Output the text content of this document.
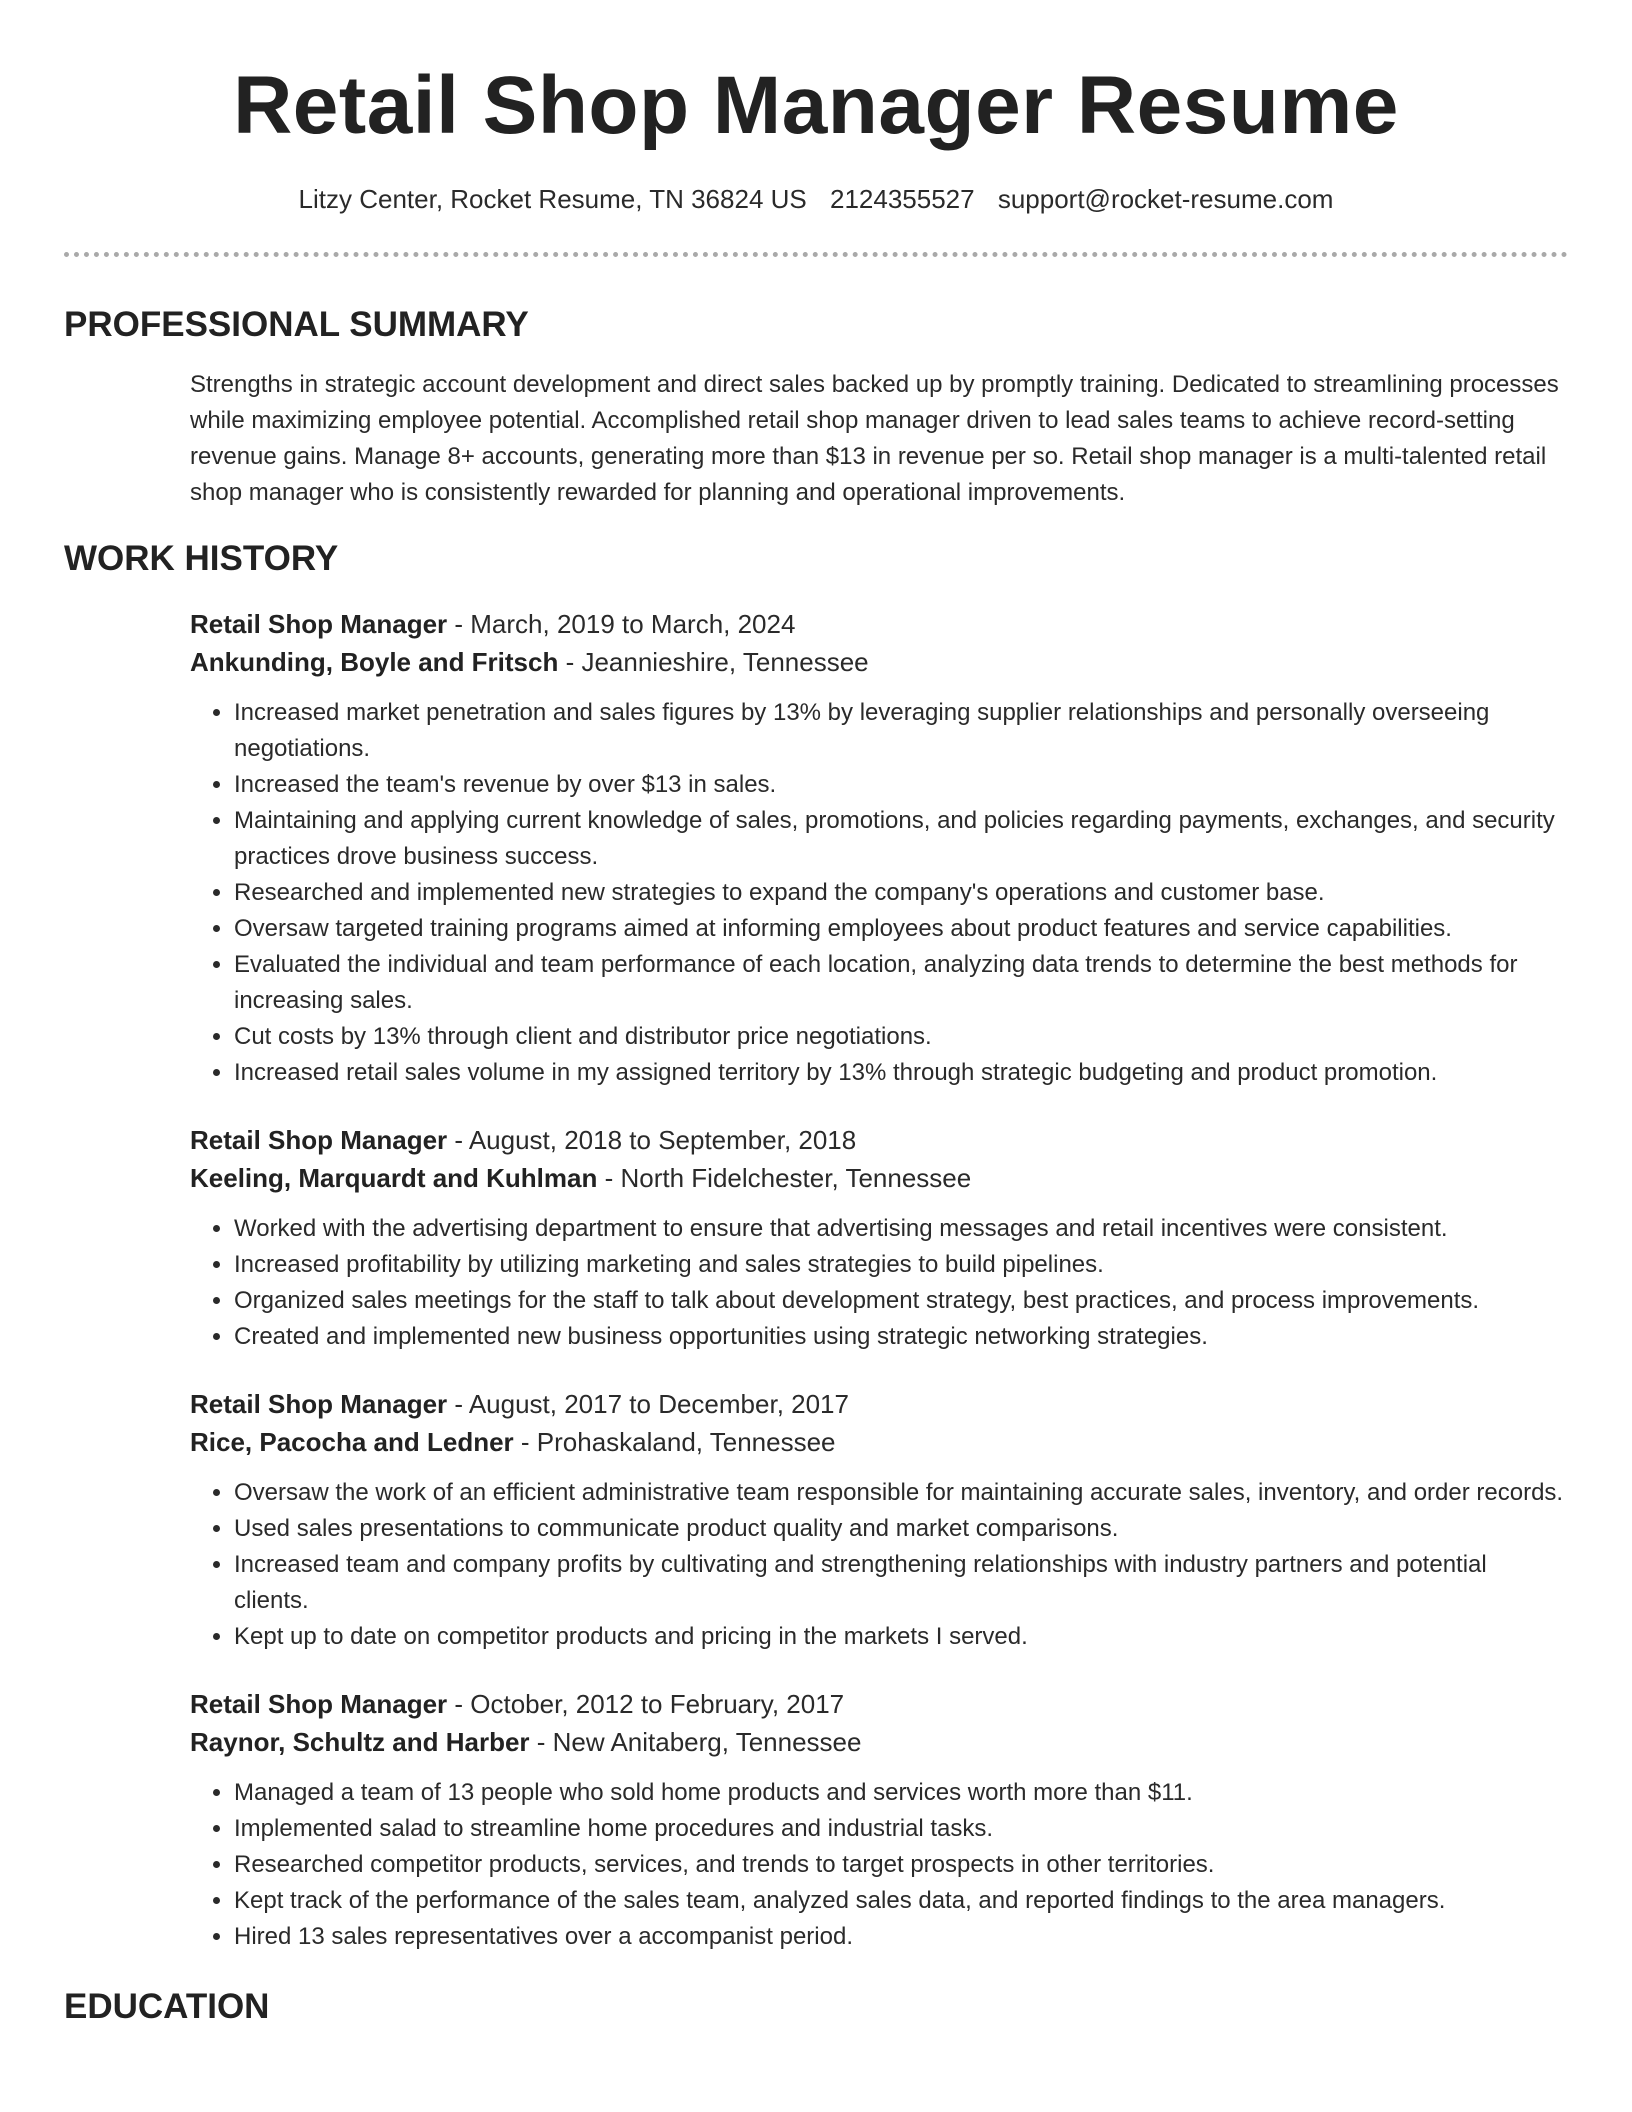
Retail Shop Manager Resume
Litzy Center, Rocket Resume, TN 36824 US 2124355527 support@rocket-resume.com
PROFESSIONAL SUMMARY

Strengths in strategic account development and direct sales backed up by promptly training. Dedicated to streamlining processes while maximizing employee potential. Accomplished retail shop manager driven to lead sales teams to achieve record-setting revenue gains. Manage 8+ accounts, generating more than $13 in revenue per so. Retail shop manager is a multi-talented retail shop manager who is consistently rewarded for planning and operational improvements.

WORK HISTORY
Retail Shop Manager - March, 2019 to March, 2024
Ankunding, Boyle and Fritsch - Jeannieshire, Tennessee
• Increased market penetration and sales figures by 13% by leveraging supplier relationships and personally overseeing negotiations.
• Increased the team's revenue by over $13 in sales.
• Maintaining and applying current knowledge of sales, promotions, and policies regarding payments, exchanges, and security practices drove business success.
• Researched and implemented new strategies to expand the company's operations and customer base.
• Oversaw targeted training programs aimed at informing employees about product features and service capabilities.
• Evaluated the individual and team performance of each location, analyzing data trends to determine the best methods for increasing sales.
• Cut costs by 13% through client and distributor price negotiations.
• Increased retail sales volume in my assigned territory by 13% through strategic budgeting and product promotion.
Retail Shop Manager - August, 2018 to September, 2018
Keeling, Marquardt and Kuhlman - North Fidelchester, Tennessee
• Worked with the advertising department to ensure that advertising messages and retail incentives were consistent.
• Increased profitability by utilizing marketing and sales strategies to build pipelines.
• Organized sales meetings for the staff to talk about development strategy, best practices, and process improvements.
• Created and implemented new business opportunities using strategic networking strategies.
Retail Shop Manager - August, 2017 to December, 2017
Rice, Pacocha and Ledner - Prohaskaland, Tennessee
• Oversaw the work of an efficient administrative team responsible for maintaining accurate sales, inventory, and order records.
• Used sales presentations to communicate product quality and market comparisons.
• Increased team and company profits by cultivating and strengthening relationships with industry partners and potential clients.
• Kept up to date on competitor products and pricing in the markets I served.
Retail Shop Manager - October, 2012 to February, 2017
Raynor, Schultz and Harber - New Anitaberg, Tennessee
• Managed a team of 13 people who sold home products and services worth more than $11.
• Implemented salad to streamline home procedures and industrial tasks.
• Researched competitor products, services, and trends to target prospects in other territories.
• Kept track of the performance of the sales team, analyzed sales data, and reported findings to the area managers.
• Hired 13 sales representatives over a accompanist period.
EDUCATION
